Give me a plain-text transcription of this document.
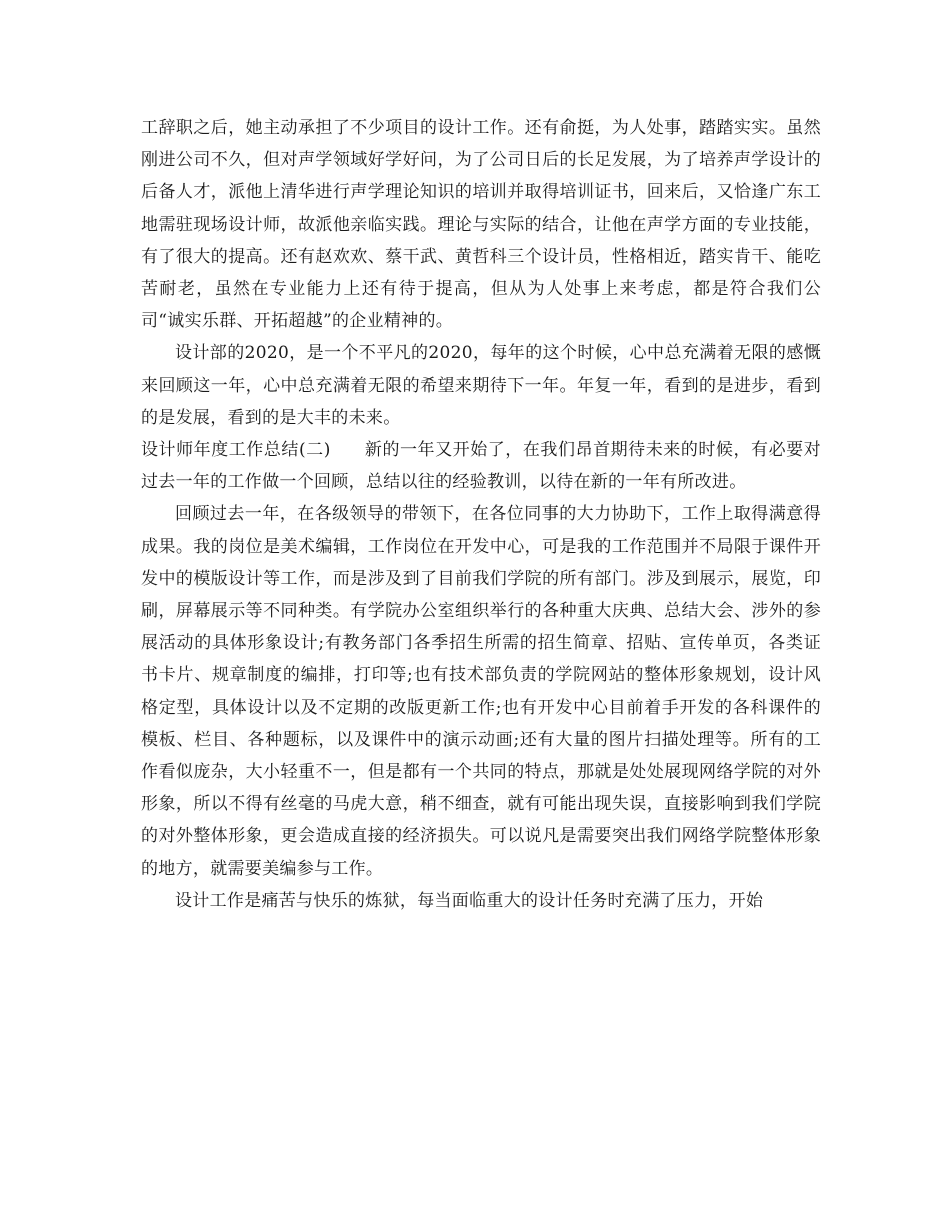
工辞职之后，她主动承担了不少项目的设计工作。还有俞挺，为人处事，踏踏实实。虽然刚进公司不久，但对声学领域好学好问，为了公司日后的长足发展，为了培养声学设计的后备人才，派他上清华进行声学理论知识的培训并取得培训证书，回来后，又恰逢广东工地需驻现场设计师，故派他亲临实践。理论与实际的结合，让他在声学方面的专业技能，有了很大的提高。还有赵欢欢、蔡干武、黄哲科三个设计员，性格相近，踏实肯干、能吃苦耐老，虽然在专业能力上还有待于提高，但从为人处事上来考虑，都是符合我们公司“诚实乐群、开拓超越”的企业精神的。

设计部的2020，是一个不平凡的2020，每年的这个时候，心中总充满着无限的感慨来回顾这一年，心中总充满着无限的希望来期待下一年。年复一年，看到的是进步，看到的是发展，看到的是大丰的未来。

设计师年度工作总结(二) 新的一年又开始了，在我们昂首期待未来的时候，有必要对过去一年的工作做一个回顾，总结以往的经验教训，以待在新的一年有所改进。

回顾过去一年，在各级领导的带领下，在各位同事的大力协助下，工作上取得满意得成果。我的岗位是美术编辑，工作岗位在开发中心，可是我的工作范围并不局限于课件开发中的模版设计等工作，而是涉及到了目前我们学院的所有部门。涉及到展示，展览，印刷，屏幕展示等不同种类。有学院办公室组织举行的各种重大庆典、总结大会、涉外的参展活动的具体形象设计;有教务部门各季招生所需的招生简章、招贴、宣传单页，各类证书卡片、规章制度的编排，打印等;也有技术部负责的学院网站的整体形象规划，设计风格定型，具体设计以及不定期的改版更新工作;也有开发中心目前着手开发的各科课件的模板、栏目、各种题标，以及课件中的演示动画;还有大量的图片扫描处理等。所有的工作看似庞杂，大小轻重不一，但是都有一个共同的特点，那就是处处展现网络学院的对外形象，所以不得有丝毫的马虎大意，稍不细查，就有可能出现失误，直接影响到我们学院的对外整体形象，更会造成直接的经济损失。可以说凡是需要突出我们网络学院整体形象的地方，就需要美编参与工作。

设计工作是痛苦与快乐的炼狱，每当面临重大的设计任务时充满了压力，开始
